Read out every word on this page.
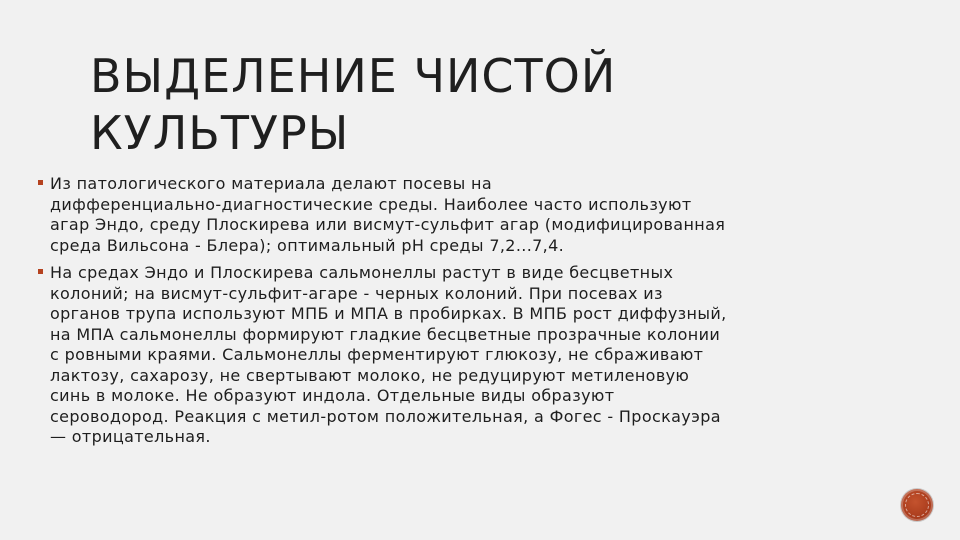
ВЫДЕЛЕНИЕ ЧИСТОЙ
КУЛЬТУРЫ
Из патологического материала делают посевы на
дифференциально-диагностические среды. Наиболее часто используют
агар Эндо, среду Плоскирева или висмут-сульфит агар (модифицированная
среда Вильсона - Блера); оптимальный рН среды 7,2...7,4.
На средах Эндо и Плоскирева сальмонеллы растут в виде бесцветных
колоний; на висмут-сульфит-агаре - черных колоний. При посевах из
органов трупа используют МПБ и МПА в пробирках. В МПБ рост диффузный,
на МПА сальмонеллы формируют гладкие бесцветные прозрачные колонии
с ровными краями. Сальмонеллы ферментируют глюкозу, не сбраживают
лактозу, сахарозу, не свертывают молоко, не редуцируют метиленовую
синь в молоке. Не образуют индола. Отдельные виды образуют
сероводород. Реакция с метил-ротом положительная, а Фогес - Проскауэра
— отрицательная.
